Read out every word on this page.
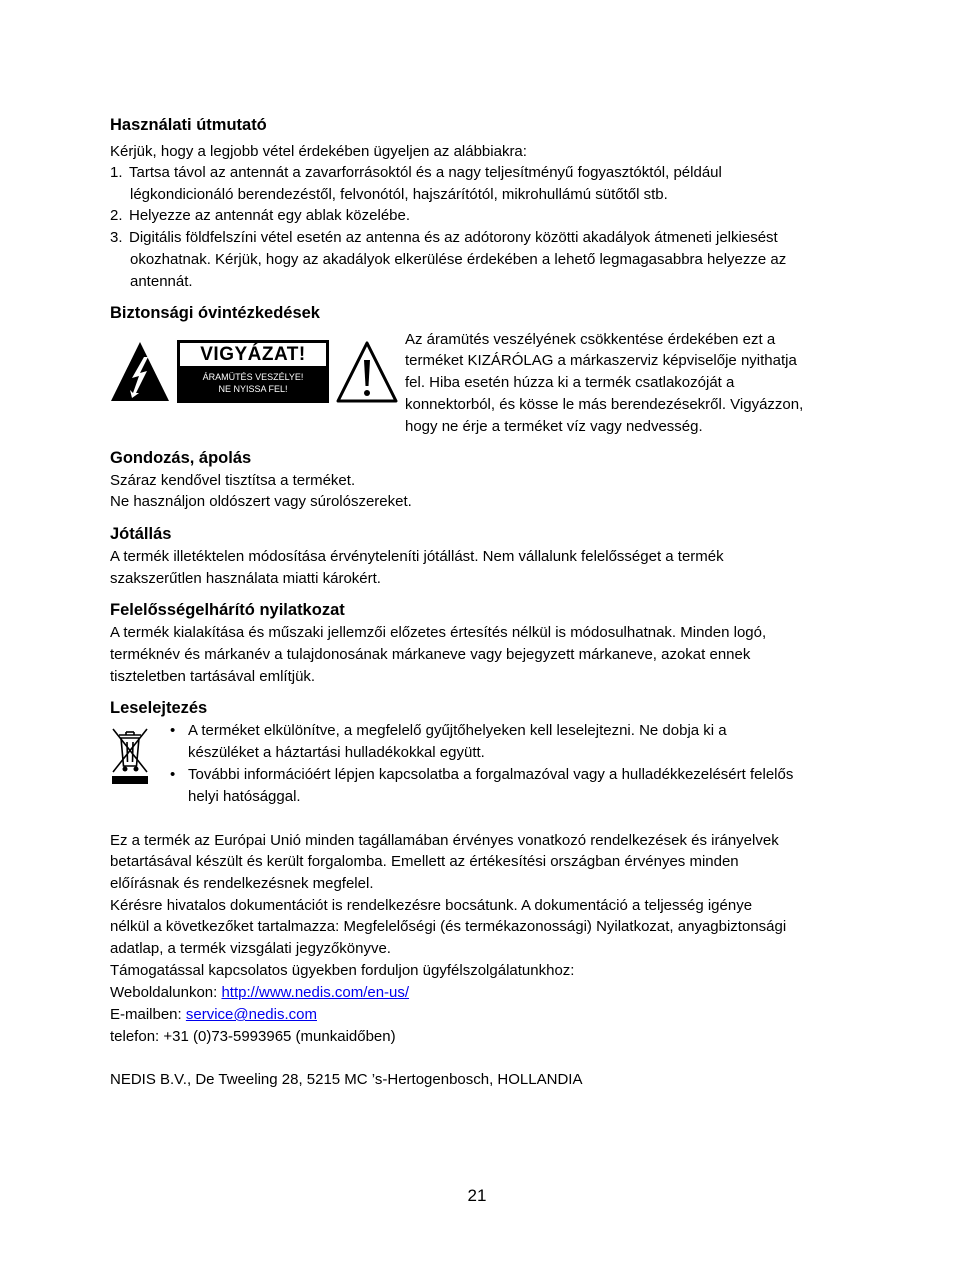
Használati útmutató
Kérjük, hogy a legjobb vétel érdekében ügyeljen az alábbiakra:
1. Tartsa távol az antennát a zavarforrásoktól és a nagy teljesítményű fogyasztóktól, például
légkondicionáló berendezéstől, felvonótól, hajszárítótól, mikrohullámú sütőtől stb.
2. Helyezze az antennát egy ablak közelébe.
3. Digitális földfelszíni vétel esetén az antenna és az adótorony közötti akadályok átmeneti jelkiesést
okozhatnak. Kérjük, hogy az akadályok elkerülése érdekében a lehető legmagasabbra helyezze az
antennát.
Biztonsági óvintézkedések
VIGYÁZAT!
ÁRAMÜTÉS VESZÉLYE!
NE NYISSA FEL!
Az áramütés veszélyének csökkentése érdekében ezt a
terméket KIZÁRÓLAG a márkaszerviz képviselője nyithatja
fel. Hiba esetén húzza ki a termék csatlakozóját a
konnektorból, és kösse le más berendezésekről. Vigyázzon,
hogy ne érje a terméket víz vagy nedvesség.
Gondozás, ápolás
Száraz kendővel tisztítsa a terméket.
Ne használjon oldószert vagy súrolószereket.
Jótállás
A termék illetéktelen módosítása érvényteleníti jótállást. Nem vállalunk felelősséget a termék
szakszerűtlen használata miatti károkért.
Felelősségelhárító nyilatkozat
A termék kialakítása és műszaki jellemzői előzetes értesítés nélkül is módosulhatnak. Minden logó,
terméknév és márkanév a tulajdonosának márkaneve vagy bejegyzett márkaneve, azokat ennek
tiszteletben tartásával említjük.
Leselejtezés
• A terméket elkülönítve, a megfelelő gyűjtőhelyeken kell leselejtezni. Ne dobja ki a
készüléket a háztartási hulladékokkal együtt.
• További információért lépjen kapcsolatba a forgalmazóval vagy a hulladékkezelésért felelős
helyi hatósággal.
Ez a termék az Európai Unió minden tagállamában érvényes vonatkozó rendelkezések és irányelvek
betartásával készült és került forgalomba. Emellett az értékesítési országban érvényes minden
előírásnak és rendelkezésnek megfelel.
Kérésre hivatalos dokumentációt is rendelkezésre bocsátunk. A dokumentáció a teljesség igénye
nélkül a következőket tartalmazza: Megfelelőségi (és termékazonossági) Nyilatkozat, anyagbiztonsági
adatlap, a termék vizsgálati jegyzőkönyve.
Támogatással kapcsolatos ügyekben forduljon ügyfélszolgálatunkhoz:
Weboldalunkon: http://www.nedis.com/en-us/
E-mailben: service@nedis.com
telefon: +31 (0)73-5993965 (munkaidőben)
NEDIS B.V., De Tweeling 28, 5215 MC ’s-Hertogenbosch, HOLLANDIA
21
